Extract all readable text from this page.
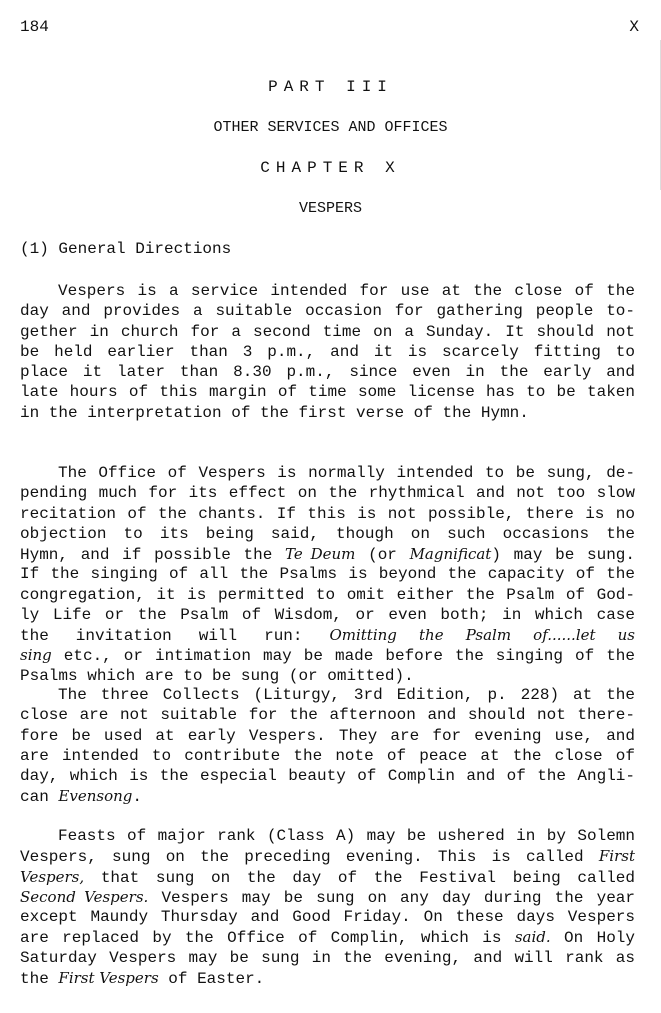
184	X
PART III
OTHER SERVICES AND OFFICES
CHAPTER X
VESPERS
(1) General Directions
Vespers is a service intended for use at the close of the
day and provides a suitable occasion for gathering people to-
gether in church for a second time on a Sunday. It should not
be held earlier than 3 p.m., and it is scarcely fitting to
place it later than 8.30 p.m., since even in the early and
late hours of this margin of time some license has to be taken
in the interpretation of the first verse of the Hymn.
The Office of Vespers is normally intended to be sung, de-
pending much for its effect on the rhythmical and not too slow
recitation of the chants. If this is not possible, there is no
objection to its being said, though on such occasions the
Hymn, and if possible the Te Deum (or Magnificat) may be sung.
If the singing of all the Psalms is beyond the capacity of the
congregation, it is permitted to omit either the Psalm of God-
ly Life or the Psalm of Wisdom, or even both; in which case
the invitation will run: Omitting the Psalm of......let us
sing etc., or intimation may be made before the singing of the
Psalms which are to be sung (or omitted).
The three Collects (Liturgy, 3rd Edition, p. 228) at the
close are not suitable for the afternoon and should not there-
fore be used at early Vespers. They are for evening use, and
are intended to contribute the note of peace at the close of
day, which is the especial beauty of Complin and of the Angli-
can Evensong.
Feasts of major rank (Class A) may be ushered in by Solemn
Vespers, sung on the preceding evening. This is called First
Vespers, that sung on the day of the Festival being called
Second Vespers. Vespers may be sung on any day during the year
except Maundy Thursday and Good Friday. On these days Vespers
are replaced by the Office of Complin, which is said. On Holy
Saturday Vespers may be sung in the evening, and will rank as
the First Vespers of Easter.
